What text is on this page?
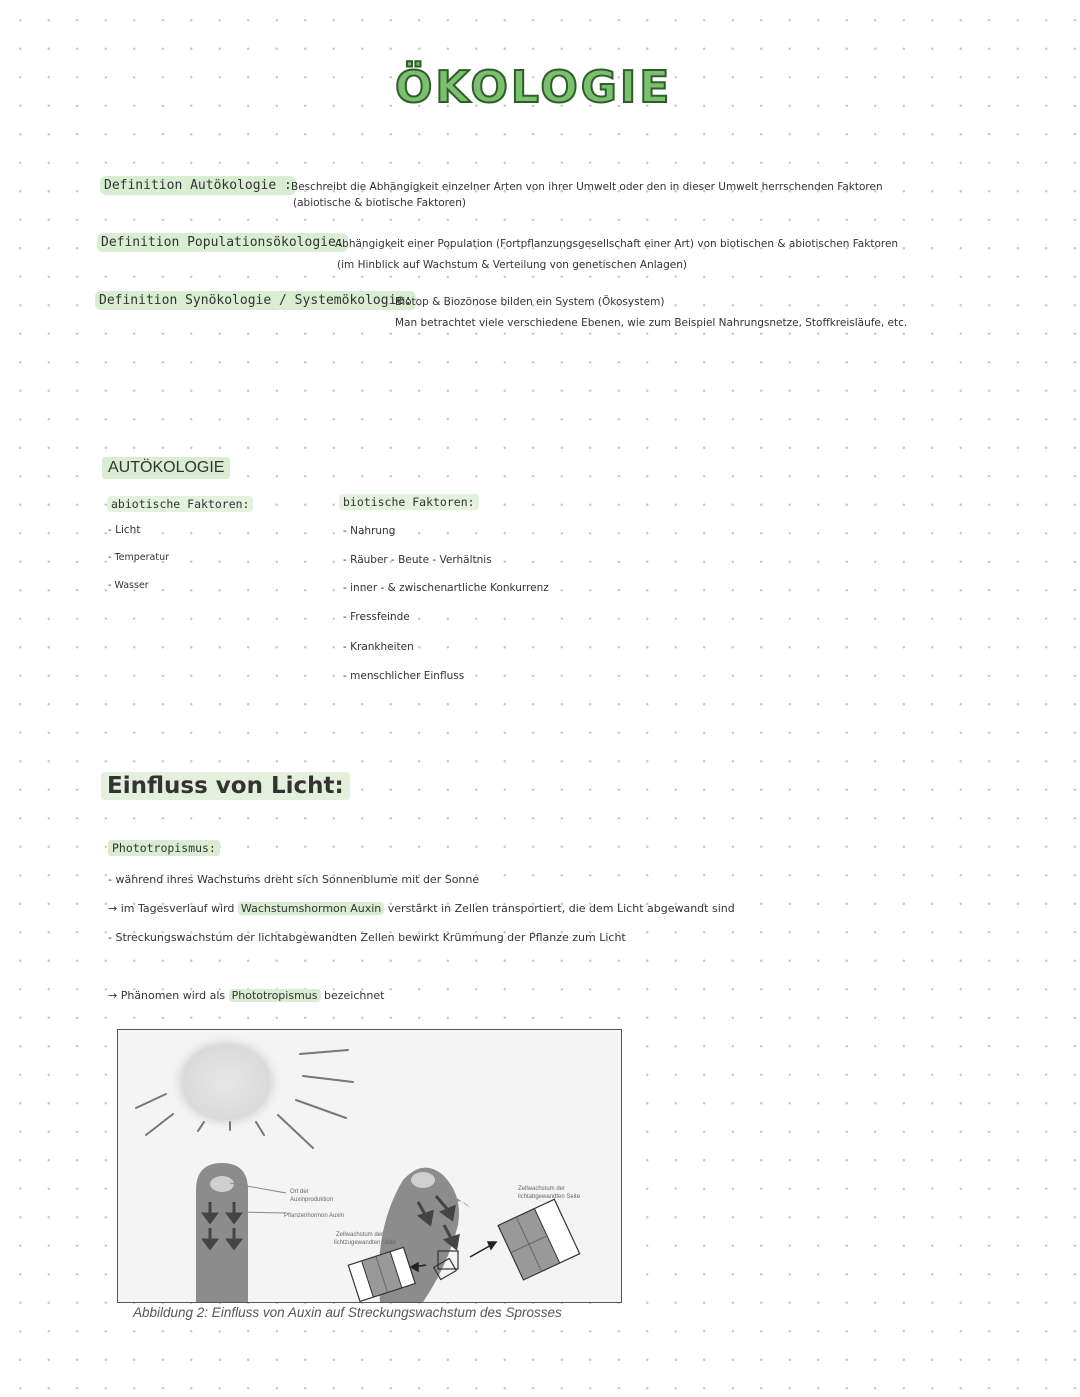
ÖKOLOGIE
Definition Autökologie : Beschreibt die Abhängigkeit einzelner Arten von ihrer Umwelt oder den in dieser Umwelt herrschenden Faktoren
(abiotische & biotische Faktoren)
Definition Populationsökologie:
Abhängigkeit einer Population (Fortpflanzungsgesellschaft einer Art) von biotischen & abiotischen Faktoren
(im Hinblick auf Wachstum & Verteilung von genetischen Anlagen)
Definition Synökologie / Systemökologie:
Biotop & Biozönose bilden ein System (Ökosystem)
Man betrachtet viele verschiedene Ebenen, wie zum Beispiel Nahrungsnetze, Stoffkreisläufe, etc.
AUTÖKOLOGIE
abiotische Faktoren:
- Licht
- Temperatur
- Wasser
biotische Faktoren:
- Nahrung
- Räuber - Beute - Verhältnis
- inner - & zwischenartliche Konkurrenz
- Fressfeinde
- Krankheiten
- menschlicher Einfluss
Einfluss von Licht:
Phototropismus:
- während ihres Wachstums dreht sich Sonnenblume mit der Sonne
→ im Tagesverlauf wird Wachstumshormon Auxin verstärkt in Zellen transportiert, die dem Licht abgewandt sind
- Streckungswachstum der lichtabgewandten Zellen bewirkt Krümmung der Pflanze zum Licht
→ Phänomen wird als Phototropismus bezeichnet
Ort der
Auxinproduktion
Pflanzenhormon Auxin
Zellwachstum der
lichtzugewandten Seite
Zellwachstum der
lichtabgewandten Seite
Abbildung 2: Einfluss von Auxin auf Streckungswachstum des Sprosses
